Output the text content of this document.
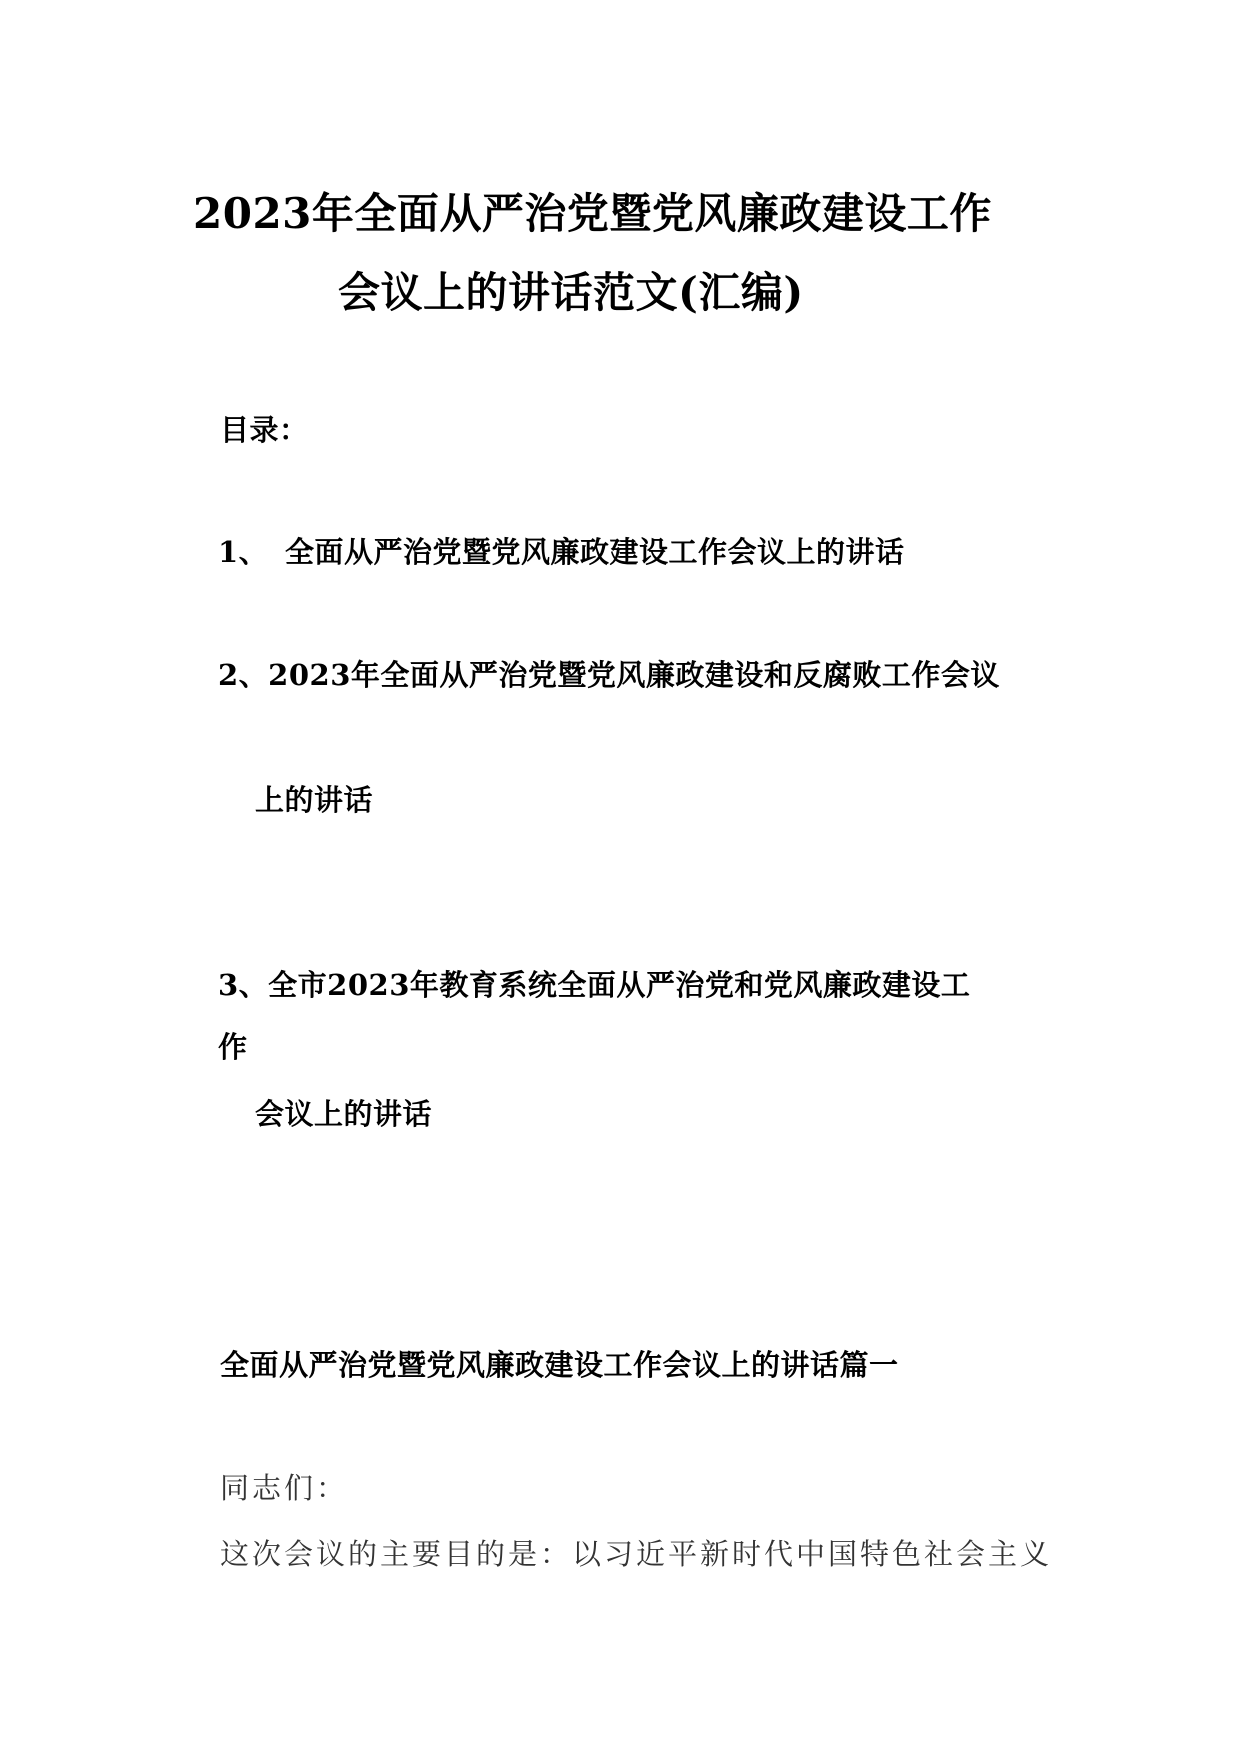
2023年全面从严治党暨党风廉政建设工作
会议上的讲话范文(汇编)
目录：
1、 全面从严治党暨党风廉政建设工作会议上的讲话
2、2023年全面从严治党暨党风廉政建设和反腐败工作会议
上的讲话
3、全市2023年教育系统全面从严治党和党风廉政建设工
作
会议上的讲话
全面从严治党暨党风廉政建设工作会议上的讲话篇一
同志们：
这次会议的主要目的是：以习近平新时代中国特色社会主义
